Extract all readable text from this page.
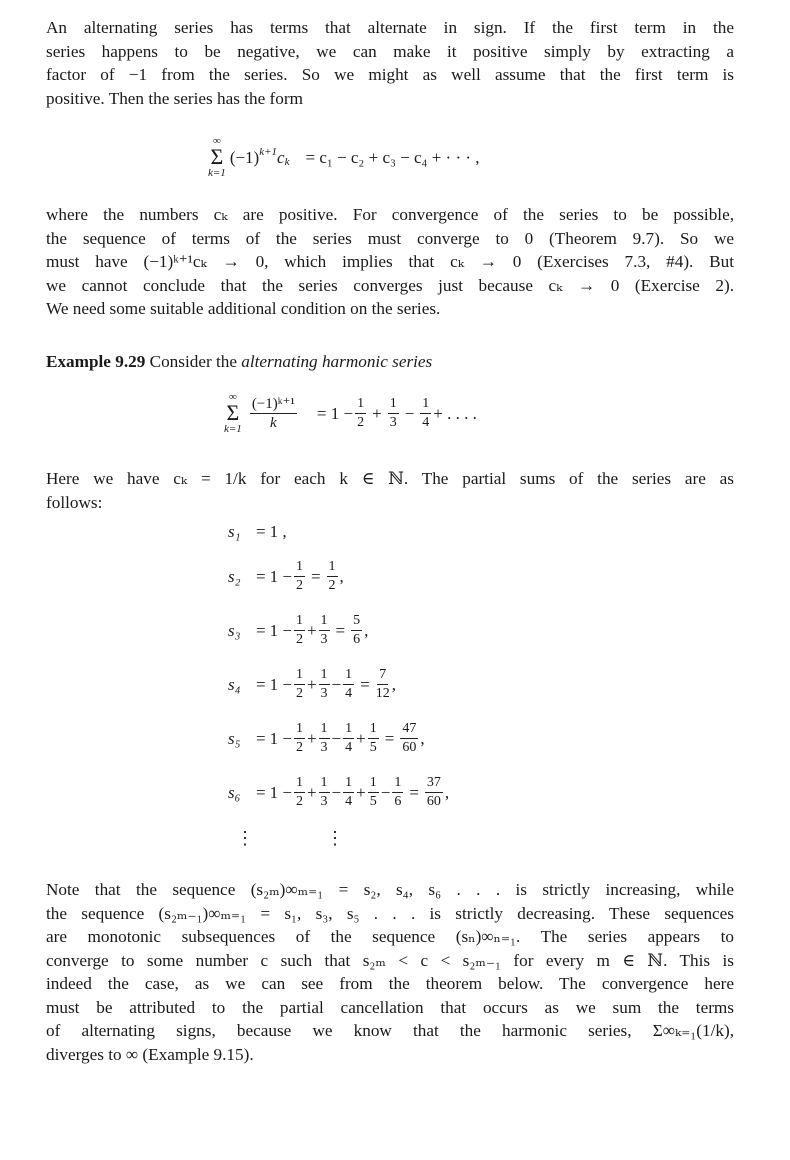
An alternating series has terms that alternate in sign. If the first term in the
series happens to be negative, we can make it positive simply by extracting a
factor of −1 from the series. So we might as well assume that the first term is
positive. Then the series has the form
∞
Σ
k=1
$(-1)^{k+1}$ $c_k = c_1 - c_2 + c_3 - c_4$ + · · · ,
where the numbers cₖ are positive. For convergence of the series to be possible,
the sequence of terms of the series must converge to 0 (Theorem 9.7). So we
must have (−1)ᵏ⁺¹cₖ → 0, which implies that cₖ → 0 (Exercises 7.3, #4). But
we cannot conclude that the series converges just because cₖ → 0 (Exercise 2).
We need some suitable additional condition on the series.
Example 9.29 Consider the alternating harmonic series
∞
Σ
$k=1 \frac{\text{(−1)ᵏ⁺¹}}{k} = 1 - \frac{1}{2} + \frac{1}{3} - \frac{1}{4}$ + . . . .
Here we have cₖ = 1/k for each k ∈ ℕ. The partial sums of the series are as
follows:
s₁ = 1 ,
$s_2 = 1 - \frac{1}{2} = \frac{1}{2}$ ,
$s_3 = 1 - \frac{1}{2} + \frac{1}{3} = \frac{5}{6}$ ,
$s_4 = 1 - \frac{1}{2} + \frac{1}{3} - \frac{1}{4} = \frac{7}{12}$ ,
$s_5 = 1 - \frac{1}{2} + \frac{1}{3} - \frac{1}{4} + \frac{1}{5} = \frac{47}{60}$ ,
$s_6 = 1 - \frac{1}{2} + \frac{1}{3} - \frac{1}{4} + \frac{1}{5} - \frac{1}{6} = \frac{37}{60}$ ,
⋮	⋮
Note that the sequence (s₂ₘ)∞ₘ₌₁ = s₂, s₄, s₆ . . . is strictly increasing, while
the sequence (s₂ₘ₋₁)∞ₘ₌₁ = s₁, s₃, s₅ . . . is strictly decreasing. These sequences
are monotonic subsequences of the sequence (sₙ)∞ₙ₌₁. The series appears to
converge to some number c such that s₂ₘ < c < s₂ₘ₋₁ for every m ∈ ℕ. This is
indeed the case, as we can see from the theorem below. The convergence here
must be attributed to the partial cancellation that occurs as we sum the terms
of alternating signs, because we know that the harmonic series, Σ∞ₖ₌₁(1/k),
diverges to ∞ (Example 9.15).
